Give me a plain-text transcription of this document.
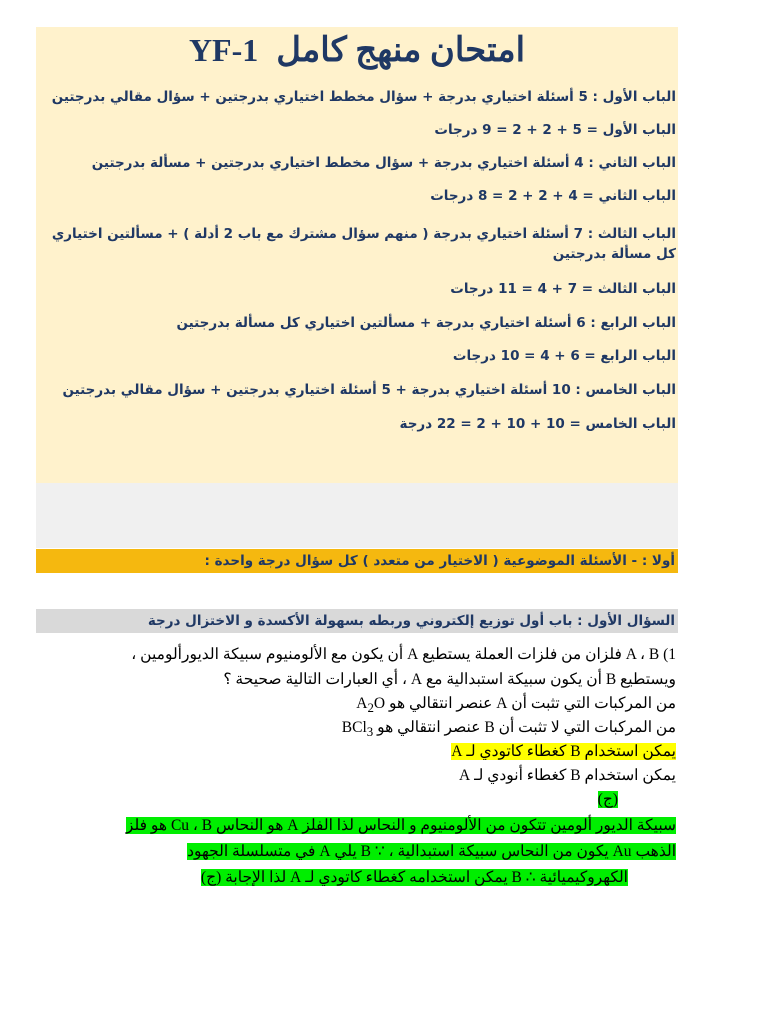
امتحان منهج كاملYF-1
الباب الأول : 5 أسئلة اختياري بدرجة + سؤال مخطط اختياري بدرجتين + سؤال مقالي بدرجتين
الباب الأول = 5 + 2 + 2 = 9 درجات
الباب الثاني : 4 أسئلة اختياري بدرجة + سؤال مخطط اختياري بدرجتين + مسألة بدرجتين
الباب الثاني = 4 + 2 + 2 = 8 درجات
الباب الثالث : 7 أسئلة اختياري بدرجة ( منهم سؤال مشترك مع باب 2 أدلة ) + مسألتين اختياري كل مسألة بدرجتين
الباب الثالث = 7 + 4 = 11 درجات
الباب الرابع : 6 أسئلة اختياري بدرجة + مسألتين اختياري كل مسألة بدرجتين
الباب الرابع = 6 + 4 = 10 درجات
الباب الخامس : 10 أسئلة اختياري بدرجة + 5 أسئلة اختياري بدرجتين + سؤال مقالي بدرجتين
الباب الخامس = 10 + 10 + 2 = 22 درجة
أولا : - الأسئلة الموضوعية ( الاختيار من متعدد ) كل سؤال درجة واحدة :
السؤال الأول : باب أول توزيع إلكتروني وربطه بسهولة الأكسدة و الاختزال درجة
1) A ، B فلزان من فلزات العملة يستطيع A أن يكون مع الألومنيوم سبيكة الديورألومين ،
ويستطيع B أن يكون سبيكة استبدالية مع A ، أي العبارات التالية صحيحة ؟
من المركبات التي تثبت أن A عنصر انتقالي هو $A_2O$
من المركبات التي لا تثبت أن B عنصر انتقالي هو BCl$_3$
يمكن استخدام B كغطاء كاتودي لـ A
يمكن استخدام B كغطاء أنودي لـ A
(ج)
سبيكة الديور ألومين تتكون من الألومنيوم و النحاس لذا الفلز A هو النحاس Cu ، B هو فلز
الذهب Au يكون من النحاس سبيكة استبدالية ، ∵ B يلي A في متسلسلة الجهود
الكهروكيميائية ∴ B يمكن استخدامه كغطاء كاتودي لـ A لذا الإجابة (ج)
